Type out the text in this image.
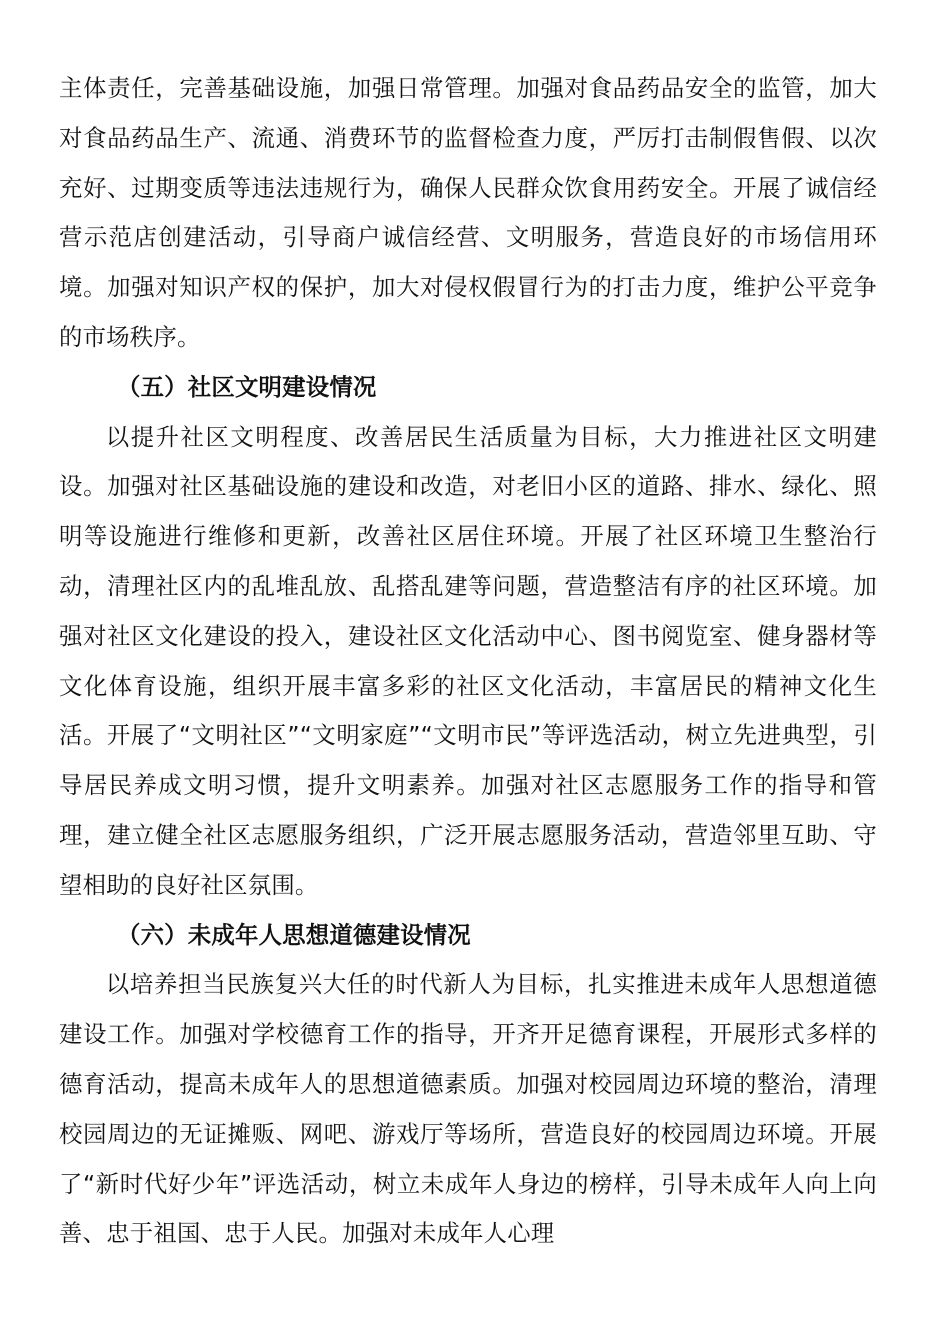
主体责任，完善基础设施，加强日常管理。加强对食品药品安全的监管，加大对食品药品生产、流通、消费环节的监督检查力度，严厉打击制假售假、以次充好、过期变质等违法违规行为，确保人民群众饮食用药安全。开展了诚信经营示范店创建活动，引导商户诚信经营、文明服务，营造良好的市场信用环境。加强对知识产权的保护，加大对侵权假冒行为的打击力度，维护公平竞争的市场秩序。

（五）社区文明建设情况

以提升社区文明程度、改善居民生活质量为目标，大力推进社区文明建设。加强对社区基础设施的建设和改造，对老旧小区的道路、排水、绿化、照明等设施进行维修和更新，改善社区居住环境。开展了社区环境卫生整治行动，清理社区内的乱堆乱放、乱搭乱建等问题，营造整洁有序的社区环境。加强对社区文化建设的投入，建设社区文化活动中心、图书阅览室、健身器材等文化体育设施，组织开展丰富多彩的社区文化活动，丰富居民的精神文化生活。开展了“文明社区”“文明家庭”“文明市民”等评选活动，树立先进典型，引导居民养成文明习惯，提升文明素养。加强对社区志愿服务工作的指导和管理，建立健全社区志愿服务组织，广泛开展志愿服务活动，营造邻里互助、守望相助的良好社区氛围。

（六）未成年人思想道德建设情况

以培养担当民族复兴大任的时代新人为目标，扎实推进未成年人思想道德建设工作。加强对学校德育工作的指导，开齐开足德育课程，开展形式多样的德育活动，提高未成年人的思想道德素质。加强对校园周边环境的整治，清理校园周边的无证摊贩、网吧、游戏厅等场所，营造良好的校园周边环境。开展了“新时代好少年”评选活动，树立未成年人身边的榜样，引导未成年人向上向善、忠于祖国、忠于人民。加强对未成年人心理
